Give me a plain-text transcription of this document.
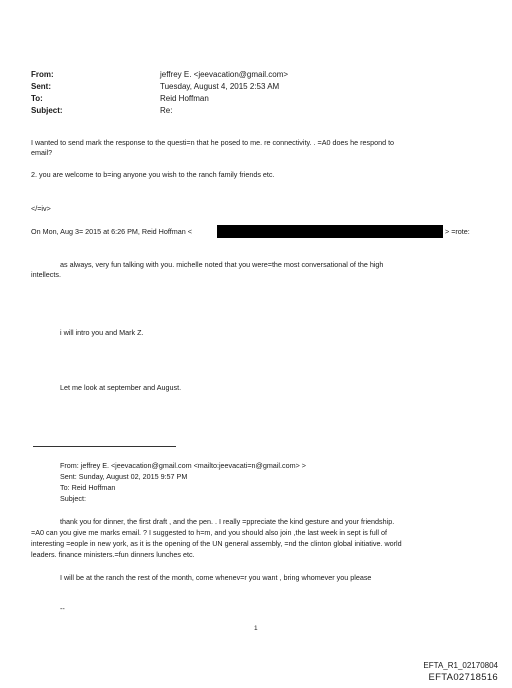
From:
Sent:
To:
Subject:
jeffrey E. <jeevacation@gmail.com>
Tuesday, August 4, 2015 2:53 AM
Reid Hoffman
Re:
I wanted to send mark the response to the questi=n that he posed to me. re connectivity. . =A0 does he respond to
email?
2. you are welcome to b=ing anyone you wish to the ranch family friends etc.
</=iv>
On Mon, Aug 3= 2015 at 6:26 PM, Reid Hoffman <	> =rote:
as always, very fun talking with you. michelle noted that you were=the most conversational of the high
intellects.
i will intro you and Mark Z.
Let me look at september and August.
From: jeffrey E. <jeevacation@gmail.com <mailto:jeevacati=n@gmail.com> >
Sent: Sunday, August 02, 2015 9:57 PM
To: Reid Hoffman
Subject:
thank you for dinner, the first draft , and the pen. . I really =ppreciate the kind gesture and your friendship.
=A0 can you give me marks email. ? I suggested to h=m, and you should also join ,the last week in sept is full of
interesting =eople in new york, as it is the opening of the UN general assembly, =nd the clinton global initiative. world
leaders. finance ministers.=fun dinners lunches etc.
I will be at the ranch the rest of the month, come whenev=r you want , bring whomever you please
--
1
EFTA_R1_02170804
EFTA02718516
